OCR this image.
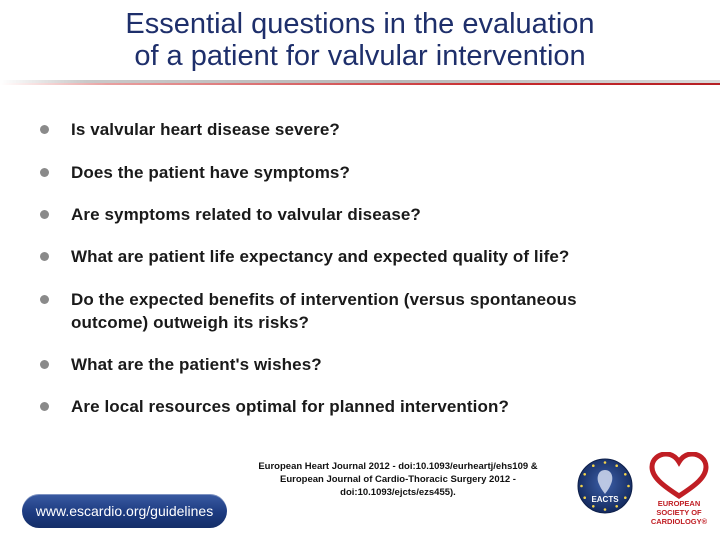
Essential questions in the evaluation
of a patient for valvular intervention
Is valvular heart disease severe?
Does the patient have symptoms?
Are symptoms related to valvular disease?
What are patient life expectancy and expected quality of life?
Do the expected benefits of intervention (versus spontaneous
outcome) outweigh its risks?
What are the patient's wishes?
Are local resources optimal for planned intervention?
www.escardio.org/guidelines
European Heart Journal 2012 - doi:10.1093/eurheartj/ehs109 &
European Journal of Cardio-Thoracic Surgery 2012 -
doi:10.1093/ejcts/ezs455).
EACTS	EUROPEAN
SOCIETY OF
CARDIOLOGY®
